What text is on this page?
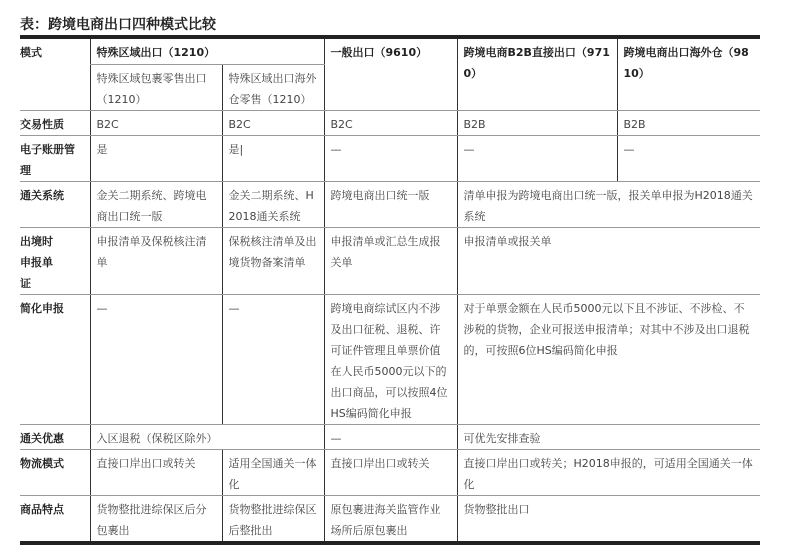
表：跨境电商出口四种模式比较
模式	特殊区域出口（1210）		一般出口（9610）	跨境电商B2B直接出口（9710）	跨境电商出口海外仓（9810）
	特殊区域包裹零售出口（1210）	特殊区域出口海外仓零售（1210）			
交易性质	B2C	B2C	B2C	B2B	B2B
电子账册管理	是	是|	—	—	—
通关系统	金关二期系统、跨境电商出口统一版	金关二期系统、H2018通关系统	跨境电商出口统一版	清单申报为跨境电商出口统一版，报关单申报为H2018通关系统	
出境时申报单证	申报清单及保税核注清单	保税核注清单及出境货物备案清单	申报清单或汇总生成报关单	申报清单或报关单	
简化申报	—	—	跨境电商综试区内不涉及出口征税、退税、许可证件管理且单票价值在人民币5000元以下的出口商品，可以按照4位HS编码简化申报	对于单票金额在人民币5000元以下且不涉证、不涉检、不涉税的货物，企业可报送申报清单；对其中不涉及出口退税的，可按照6位HS编码简化申报	
通关优惠	入区退税（保税区除外）		—	可优先安排查验	
物流模式	直接口岸出口或转关	适用全国通关一体化	直接口岸出口或转关	直接口岸出口或转关；H2018申报的，可适用全国通关一体化	
商品特点	货物整批进综保区后分包裹出	货物整批进综保区后整批出	原包裹进海关监管作业场所后原包裹出	货物整批出口	
